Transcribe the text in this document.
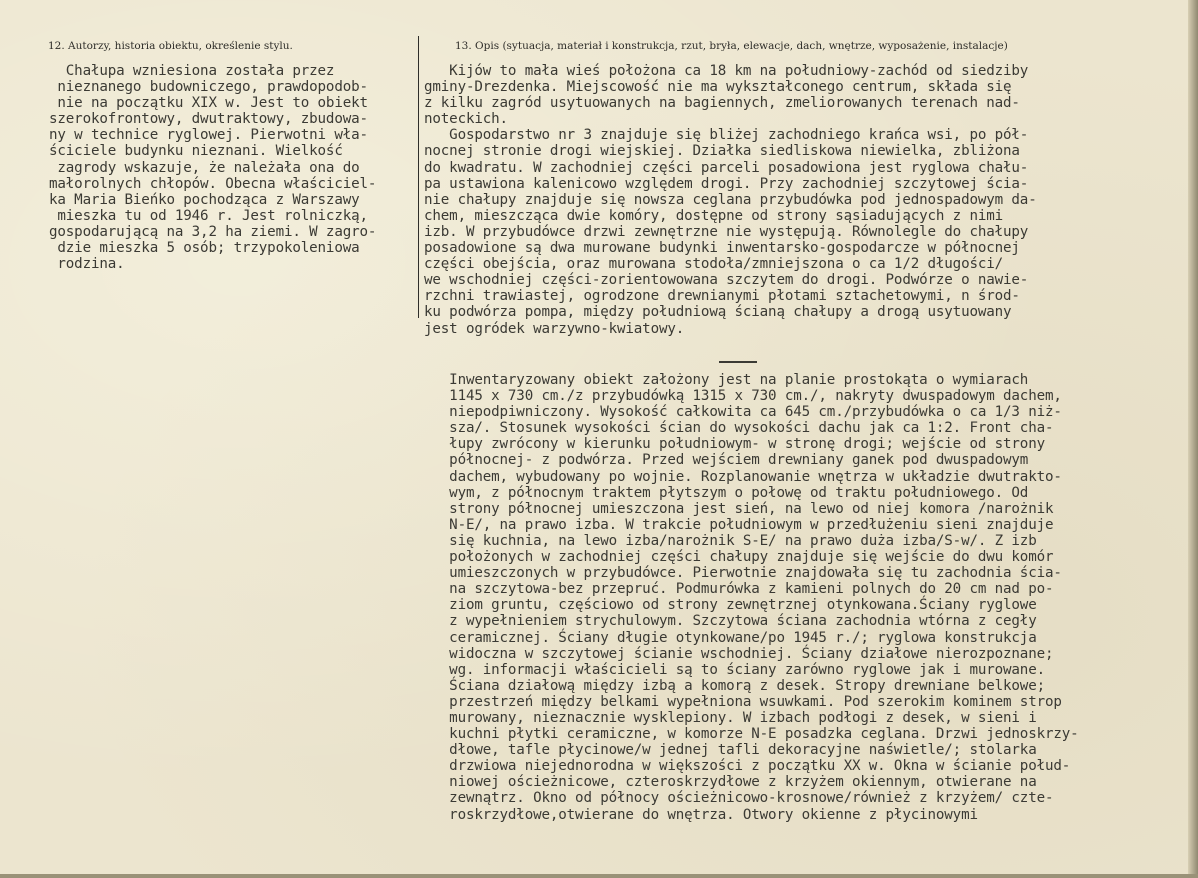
12. Autorzy, historia obiektu, określenie stylu.	13. Opis (sytuacja, materiał i konstrukcja, rzut, bryła, elewacje, dach, wnętrze, wyposażenie, instalacje)
Chałupa wzniesiona została przez
nieznanego budowniczego, prawdopodob-
nie na początku XIX w. Jest to obiekt
szerokofrontowy, dwutraktowy, zbudowa-
ny w technice ryglowej. Pierwotni wła-
ściciele budynku nieznani. Wielkość
zagrody wskazuje, że należała ona do
małorolnych chłopów. Obecna właściciel-
ka Maria Bieńko pochodząca z Warszawy
mieszka tu od 1946 r. Jest rolniczką,
gospodarującą na 3,2 ha ziemi. W zagro-
dzie mieszka 5 osób; trzypokoleniowa
rodzina.
Kijów to mała wieś położona ca 18 km na południowy-zachód od siedziby
gminy-Drezdenka. Miejscowość nie ma wykształconego centrum, składa się
z kilku zagród usytuowanych na bagiennych, zmeliorowanych terenach nad-
noteckich.
Gospodarstwo nr 3 znajduje się bliżej zachodniego krańca wsi, po pół-
nocnej stronie drogi wiejskiej. Działka siedliskowa niewielka, zbliżona
do kwadratu. W zachodniej części parceli posadowiona jest ryglowa chału-
pa ustawiona kalenicowo względem drogi. Przy zachodniej szczytowej ścia-
nie chałupy znajduje się nowsza ceglana przybudówka pod jednospadowym da-
chem, mieszcząca dwie komóry, dostępne od strony sąsiadujących z nimi
izb. W przybudówce drzwi zewnętrzne nie występują. Równolegle do chałupy
posadowione są dwa murowane budynki inwentarsko-gospodarcze w północnej
części obejścia, oraz murowana stodoła/zmniejszona o ca 1/2 długości/
we wschodniej części-zorientowowana szczytem do drogi. Podwórze o nawie-
rzchni trawiastej, ogrodzone drewnianymi płotami sztachetowymi, n środ-
ku podwórza pompa, między południową ścianą chałupy a drogą usytuowany
jest ogródek warzywno-kwiatowy.
Inwentaryzowany obiekt założony jest na planie prostokąta o wymiarach
1145 x 730 cm./z przybudówką 1315 x 730 cm./, nakryty dwuspadowym dachem,
niepodpiwniczony. Wysokość całkowita ca 645 cm./przybudówka o ca 1/3 niż-
sza/. Stosunek wysokości ścian do wysokości dachu jak ca 1:2. Front cha-
łupy zwrócony w kierunku południowym- w stronę drogi; wejście od strony
północnej- z podwórza. Przed wejściem drewniany ganek pod dwuspadowym
dachem, wybudowany po wojnie. Rozplanowanie wnętrza w układzie dwutrakto-
wym, z północnym traktem płytszym o połowę od traktu południowego. Od
strony północnej umieszczona jest sień, na lewo od niej komora /narożnik
N-E/, na prawo izba. W trakcie południowym w przedłużeniu sieni znajduje
się kuchnia, na lewo izba/narożnik S-E/ na prawo duża izba/S-w/. Z izb
położonych w zachodniej części chałupy znajduje się wejście do dwu komór
umieszczonych w przybudówce. Pierwotnie znajdowała się tu zachodnia ścia-
na szczytowa-bez przepruć. Podmurówka z kamieni polnych do 20 cm nad po-
ziom gruntu, częściowo od strony zewnętrznej otynkowana.Ściany ryglowe
z wypełnieniem strychulowym. Szczytowa ściana zachodnia wtórna z cegły
ceramicznej. Ściany długie otynkowane/po 1945 r./; ryglowa konstrukcja
widoczna w szczytowej ścianie wschodniej. Ściany działowe nierozpoznane;
wg. informacji właścicieli są to ściany zarówno ryglowe jak i murowane.
Ściana działową między izbą a komorą z desek. Stropy drewniane belkowe;
przestrzeń między belkami wypełniona wsuwkami. Pod szerokim kominem strop
murowany, nieznacznie wysklepiony. W izbach podłogi z desek, w sieni i
kuchni płytki ceramiczne, w komorze N-E posadzka ceglana. Drzwi jednoskrzy-
dłowe, tafle płycinowe/w jednej tafli dekoracyjne naświetle/; stolarka
drzwiowa niejednorodna w większości z początku XX w. Okna w ścianie połud-
niowej ościeżnicowe, czteroskrzydłowe z krzyżem okiennym, otwierane na
zewnątrz. Okno od północy ościeżnicowo-krosnowe/również z krzyżem/ czte-
roskrzydłowe,otwierane do wnętrza. Otwory okienne z płycinowymi
